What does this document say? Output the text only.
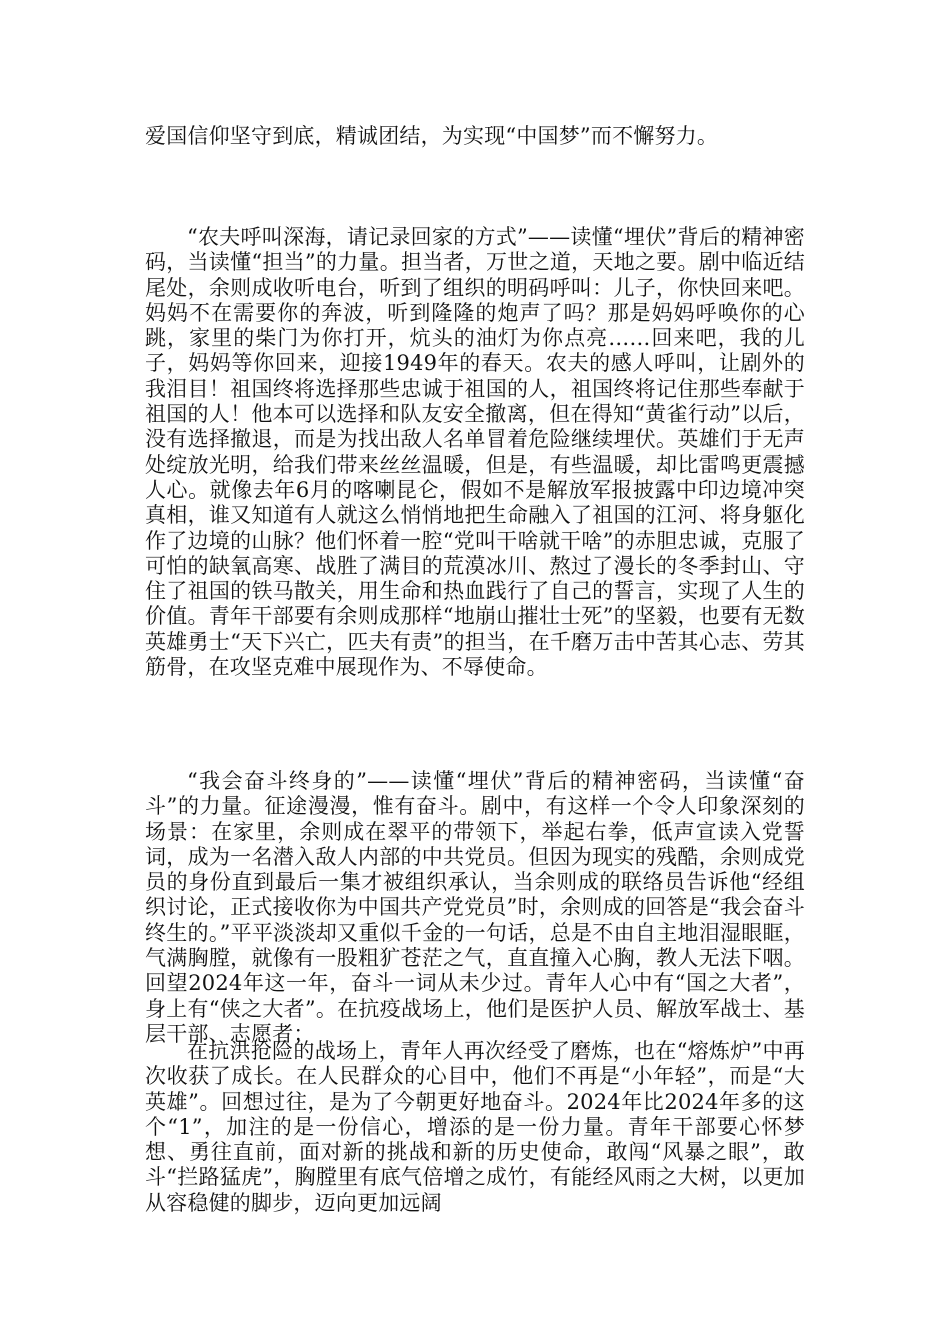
爱国信仰坚守到底，精诚团结，为实现“中国梦”而不懈努力。

“农夫呼叫深海，请记录回家的方式”——读懂“埋伏”背后的精神密码，当读懂“担当”的力量。担当者，万世之道，天地之要。剧中临近结尾处，余则成收听电台，听到了组织的明码呼叫：儿子，你快回来吧。妈妈不在需要你的奔波，听到隆隆的炮声了吗？那是妈妈呼唤你的心跳，家里的柴门为你打开，炕头的油灯为你点亮……回来吧，我的儿子，妈妈等你回来，迎接1949年的春天。农夫的感人呼叫，让剧外的我泪目！祖国终将选择那些忠诚于祖国的人，祖国终将记住那些奉献于祖国的人！他本可以选择和队友安全撤离，但在得知“黄雀行动”以后，没有选择撤退，而是为找出敌人名单冒着危险继续埋伏。英雄们于无声处绽放光明，给我们带来丝丝温暖，但是，有些温暖，却比雷鸣更震撼人心。就像去年6月的喀喇昆仑，假如不是解放军报披露中印边境冲突真相，谁又知道有人就这么悄悄地把生命融入了祖国的江河、将身躯化作了边境的山脉？他们怀着一腔“党叫干啥就干啥”的赤胆忠诚，克服了可怕的缺氧高寒、战胜了满目的荒漠冰川、熬过了漫长的冬季封山、守住了祖国的铁马散关，用生命和热血践行了自己的誓言，实现了人生的价值。青年干部要有余则成那样“地崩山摧壮士死”的坚毅，也要有无数英雄勇士“天下兴亡，匹夫有责”的担当，在千磨万击中苦其心志、劳其筋骨，在攻坚克难中展现作为、不辱使命。

“我会奋斗终身的”——读懂“埋伏”背后的精神密码，当读懂“奋斗”的力量。征途漫漫，惟有奋斗。剧中，有这样一个令人印象深刻的场景：在家里，余则成在翠平的带领下，举起右拳，低声宣读入党誓词，成为一名潜入敌人内部的中共党员。但因为现实的残酷，余则成党员的身份直到最后一集才被组织承认，当余则成的联络员告诉他“经组织讨论，正式接收你为中国共产党党员”时，余则成的回答是“我会奋斗终生的。”平平淡淡却又重似千金的一句话，总是不由自主地泪湿眼眶，气满胸膛，就像有一股粗犷苍茫之气，直直撞入心胸，教人无法下咽。回望2024年这一年，奋斗一词从未少过。青年人心中有“国之大者”，身上有“侠之大者”。在抗疫战场上，他们是医护人员、解放军战士、基层干部、志愿者；

在抗洪抢险的战场上，青年人再次经受了磨炼，也在“熔炼炉”中再次收获了成长。在人民群众的心目中，他们不再是“小年轻”，而是“大英雄”。回想过往，是为了今朝更好地奋斗。2024年比2024年多的这个“1”，加注的是一份信心，增添的是一份力量。青年干部要心怀梦想、勇往直前，面对新的挑战和新的历史使命，敢闯“风暴之眼”，敢斗“拦路猛虎”，胸膛里有底气倍增之成竹，有能经风雨之大树，以更加从容稳健的脚步，迈向更加远阔
